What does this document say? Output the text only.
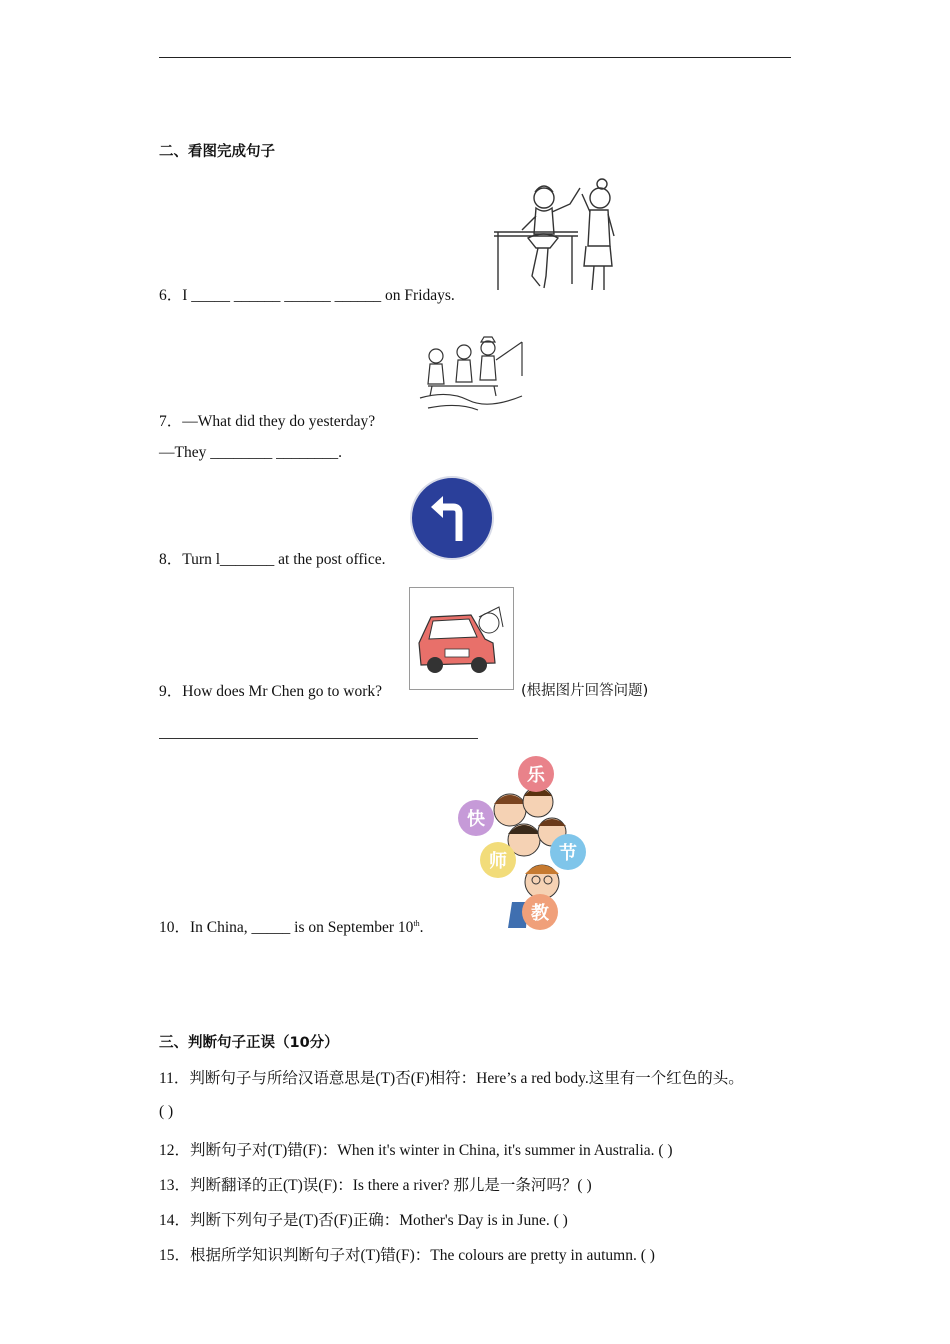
二、看图完成句子
6．I _____ ______ ______ ______ on Fridays.
7．—What did they do yesterday?
—They ________ ________.
8．Turn l_______ at the post office.
9．How does Mr Chen go to work?	(根据图片回答问题)
乐
快
节
师
教
10．In China, _____ is on September 10th.
三、判断句子正误（10分）
11．判断句子与所给汉语意思是(T)否(F)相符：Here’s a red body.这里有一个红色的头。
( )
12．判断句子对(T)错(F)：When it's winter in China, it's summer in Australia. ( )
13．判断翻译的正(T)误(F)：Is there a river? 那儿是一条河吗？( )
14．判断下列句子是(T)否(F)正确：Mother's Day is in June. ( )
15．根据所学知识判断句子对(T)错(F)：The colours are pretty in autumn. ( )
